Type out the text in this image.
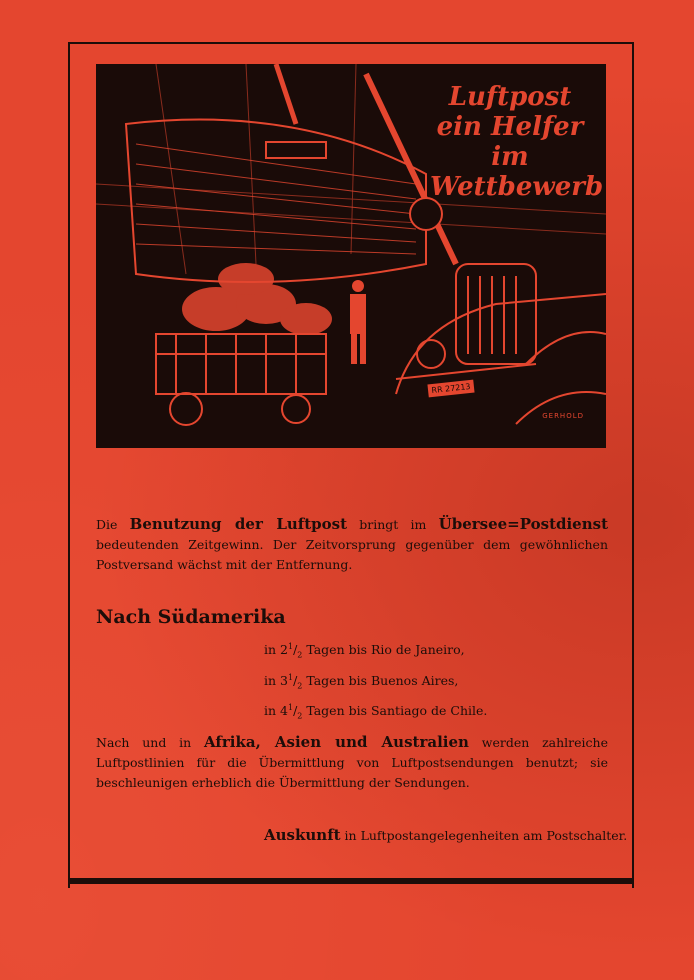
Luftpost
ein Helfer
im
Wettbewerb
RR 27213
GERHOLD
Die Benutzung der Luftpost bringt im Übersee=Postdienst bedeutenden Zeitgewinn. Der Zeitvorsprung gegenüber dem gewöhnlichen Postversand wächst mit der Entfernung.
Nach Südamerika
in $2^1/_2$ Tagen bis Rio de Janeiro,
in $3^1/_2$ Tagen bis Buenos Aires,
in $4^1/_2$ Tagen bis Santiago de Chile.
Nach und in Afrika, Asien und Australien werden zahlreiche Luftpostlinien für die Übermittlung von Luftpostsendungen benutzt; sie beschleunigen erheblich die Übermittlung der Sendungen.
Auskunft in Luftpostangelegenheiten am Postschalter.
